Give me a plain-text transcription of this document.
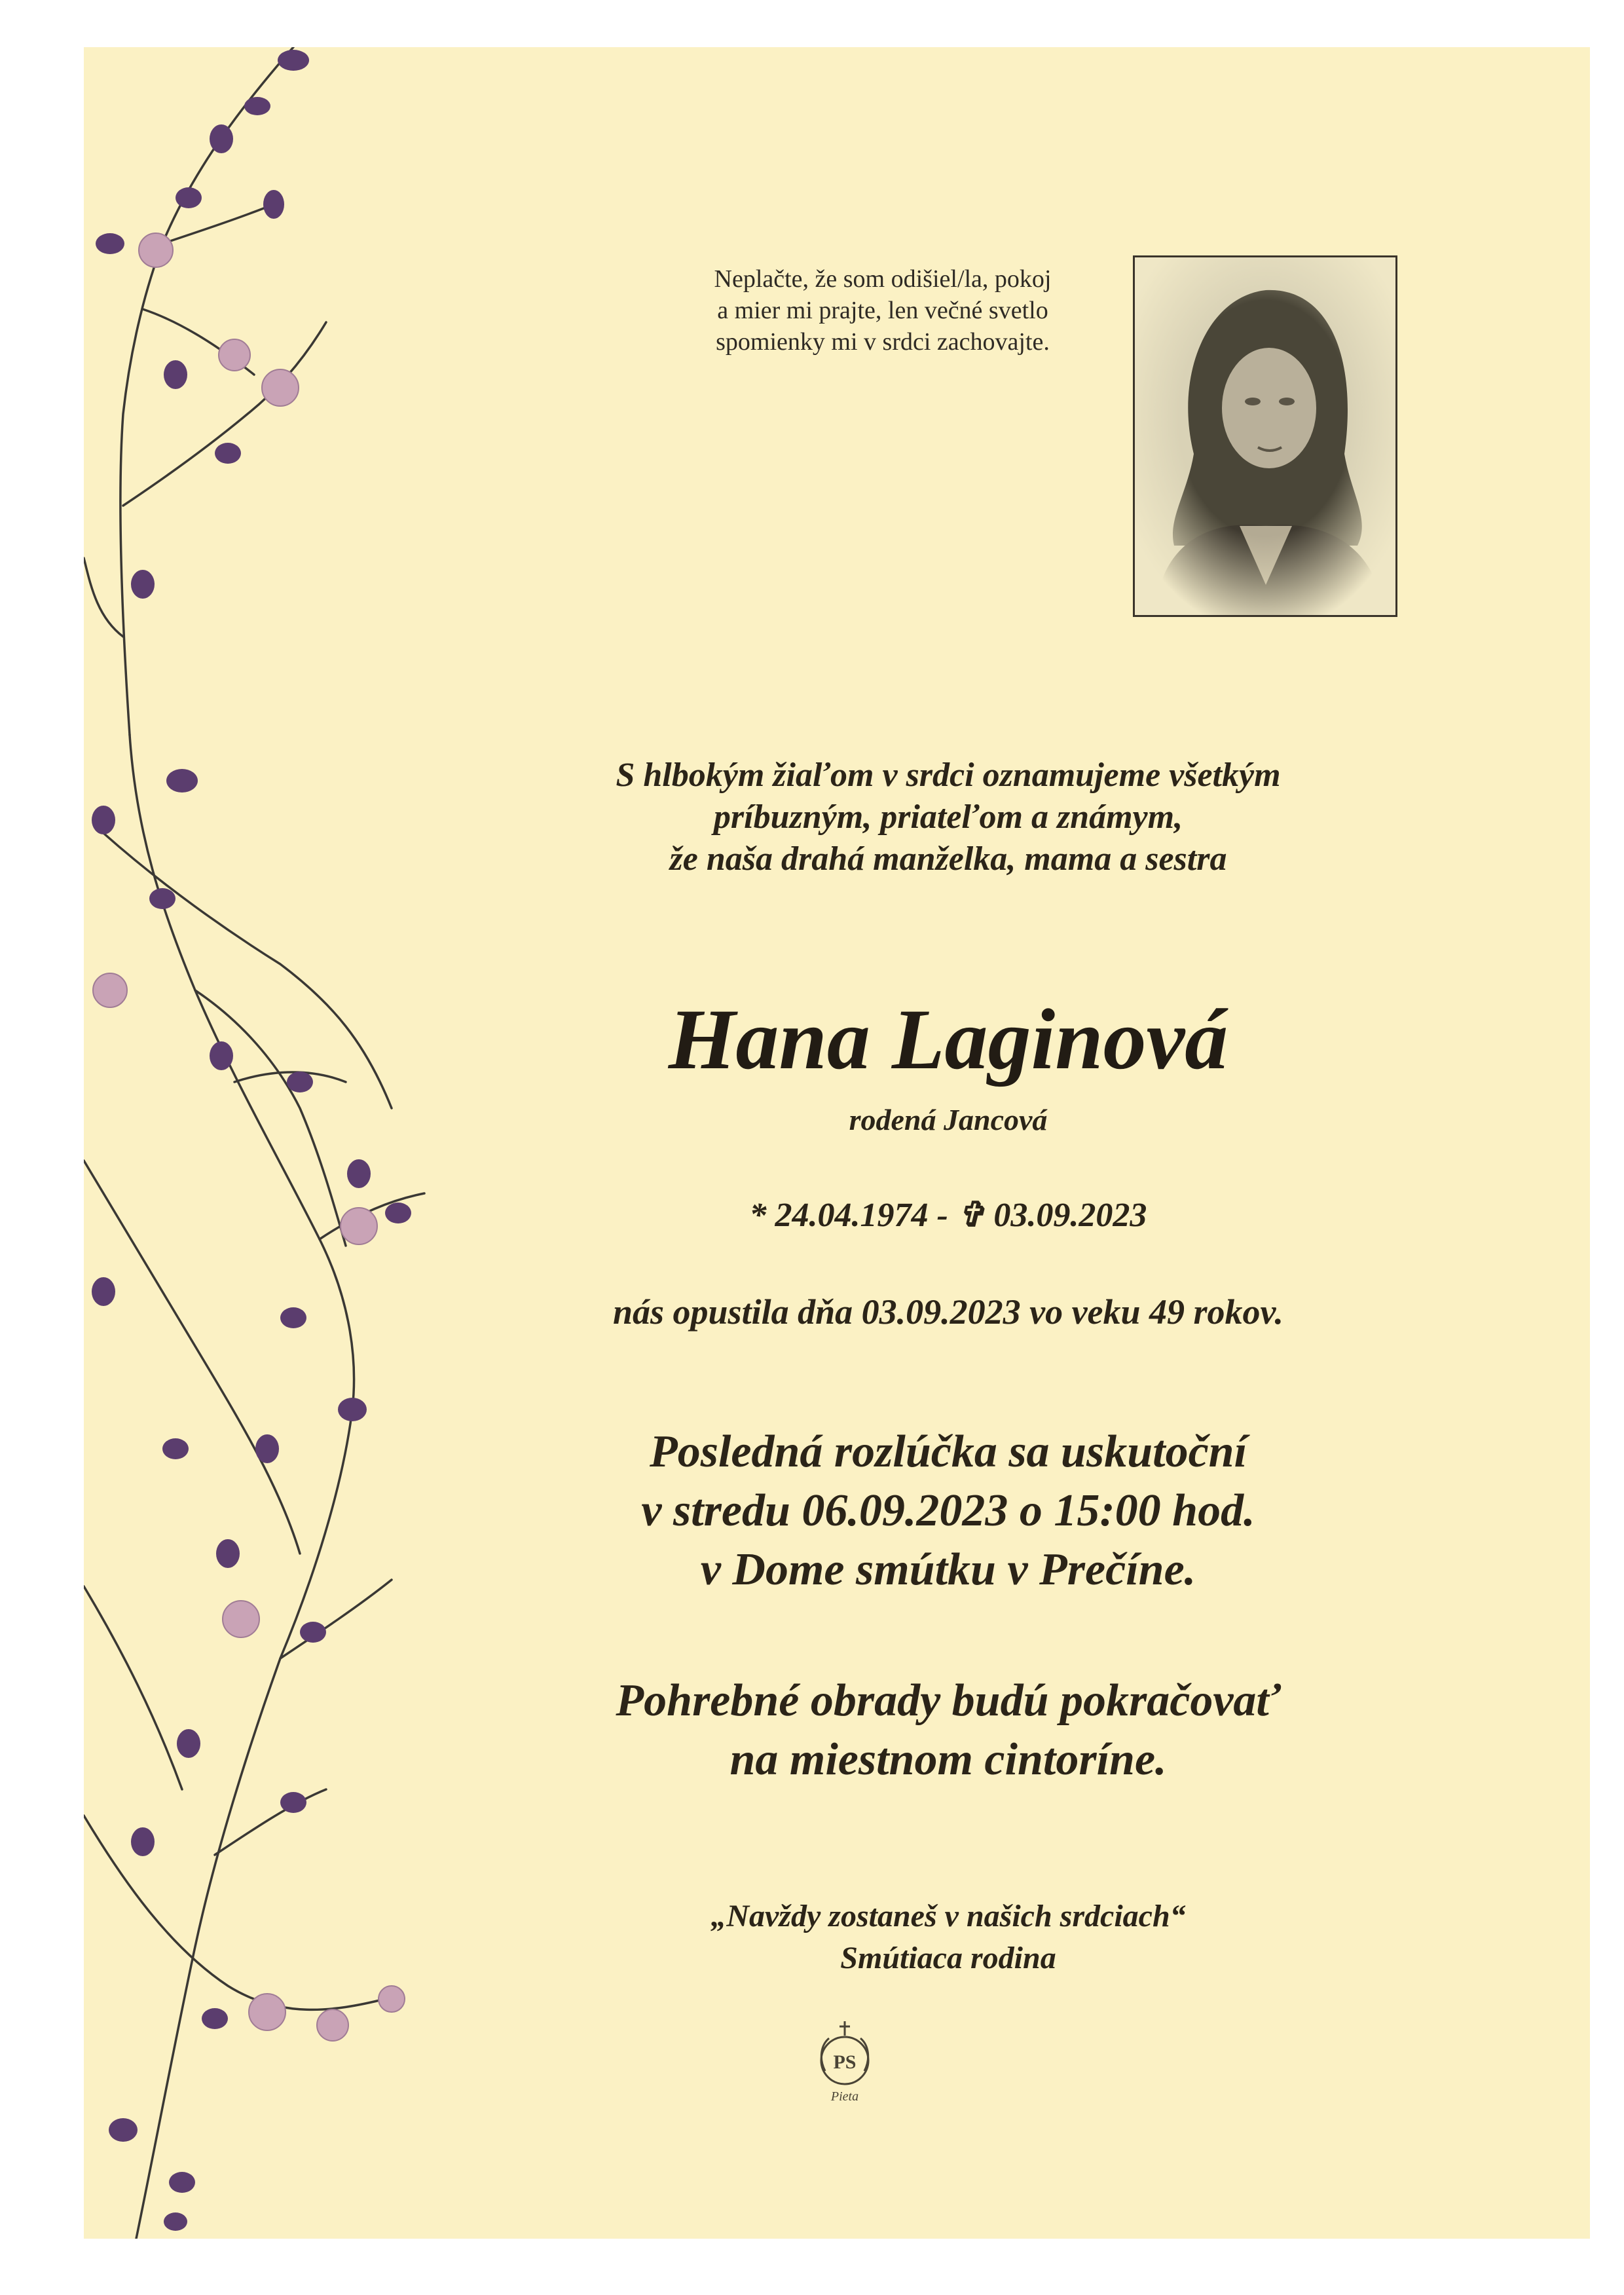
Neplačte, že som odišiel/la, pokoj
a mier mi prajte, len večné svetlo
spomienky mi v srdci zachovajte.
S hlbokým žiaľom v srdci oznamujeme všetkým
príbuzným, priateľom a známym,
že naša drahá manželka, mama a sestra
Hana Laginová
rodená Jancová
* 24.04.1974 - ✞ 03.09.2023
nás opustila dňa 03.09.2023 vo veku 49 rokov.
Posledná rozlúčka sa uskutoční
v stredu 06.09.2023 o 15:00 hod.
v Dome smútku v Prečíne.
Pohrebné obrady budú pokračovať
na miestnom cintoríne.
„Navždy zostaneš v našich srdciach“
Smútiaca rodina
PS
Pieta
